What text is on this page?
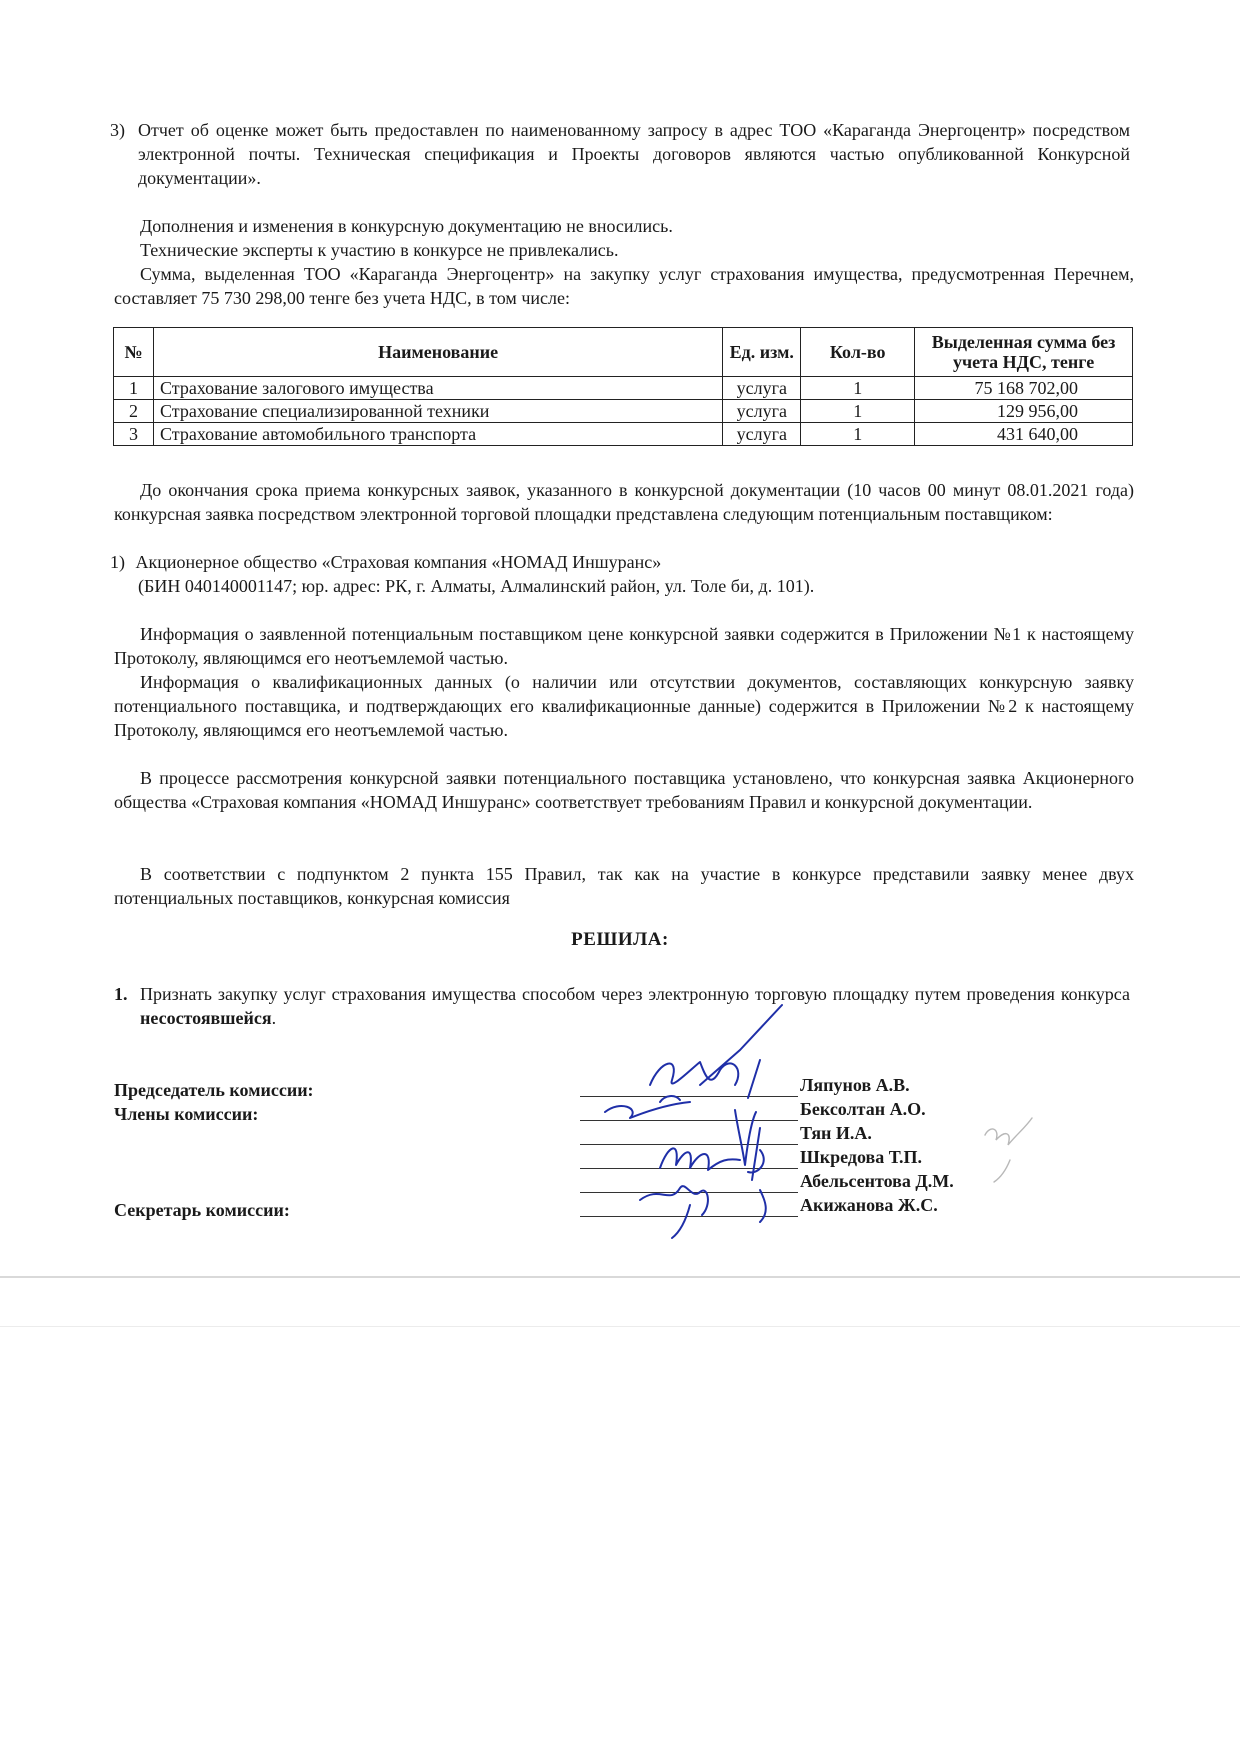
3) Отчет об оценке может быть предоставлен по наименованному запросу в адрес ТОО «Караганда Энергоцентр» посредством электронной почты. Техническая спецификация и Проекты договоров являются частью опубликованной Конкурсной документации».
Дополнения и изменения в конкурсную документацию не вносились.
Технические эксперты к участию в конкурсе не привлекались.
Сумма, выделенная ТОО «Караганда Энергоцентр» на закупку услуг страхования имущества, предусмотренная Перечнем, составляет 75 730 298,00 тенге без учета НДС, в том числе:
№	Наименование	Ед. изм.	Кол-во	Выделенная сумма без учета НДС, тенге
1	Страхование залогового имущества	услуга	1	75 168 702,00
2	Страхование специализированной техники	услуга	1	129 956,00
3	Страхование автомобильного транспорта	услуга	1	431 640,00
До окончания срока приема конкурсных заявок, указанного в конкурсной документации (10 часов 00 минут 08.01.2021 года) конкурсная заявка посредством электронной торговой площадки представлена следующим потенциальным поставщиком:
1) Акционерное общество «Страховая компания «НОМАД Иншуранс»
(БИН 040140001147; юр. адрес: РК, г. Алматы, Алмалинский район, ул. Толе би, д. 101).
Информация о заявленной потенциальным поставщиком цене конкурсной заявки содержится в Приложении №1 к настоящему Протоколу, являющимся его неотъемлемой частью.
Информация о квалификационных данных (о наличии или отсутствии документов, составляющих конкурсную заявку потенциального поставщика, и подтверждающих его квалификационные данные) содержится в Приложении №2 к настоящему Протоколу, являющимся его неотъемлемой частью.
В процессе рассмотрения конкурсной заявки потенциального поставщика установлено, что конкурсная заявка Акционерного общества «Страховая компания «НОМАД Иншуранс» соответствует требованиям Правил и конкурсной документации.
В соответствии с подпунктом 2 пункта 155 Правил, так как на участие в конкурсе представили заявку менее двух потенциальных поставщиков, конкурсная комиссия
РЕШИЛА:
1. Признать закупку услуг страхования имущества способом через электронную торговую площадку путем проведения конкурса несостоявшейся.
Председатель комиссии:
Члены комиссии:
Секретарь комиссии:
Ляпунов А.В.
Бексолтан А.О.
Тян И.А.
Шкредова Т.П.
Абельсентова Д.М.
Акижанова Ж.С.
